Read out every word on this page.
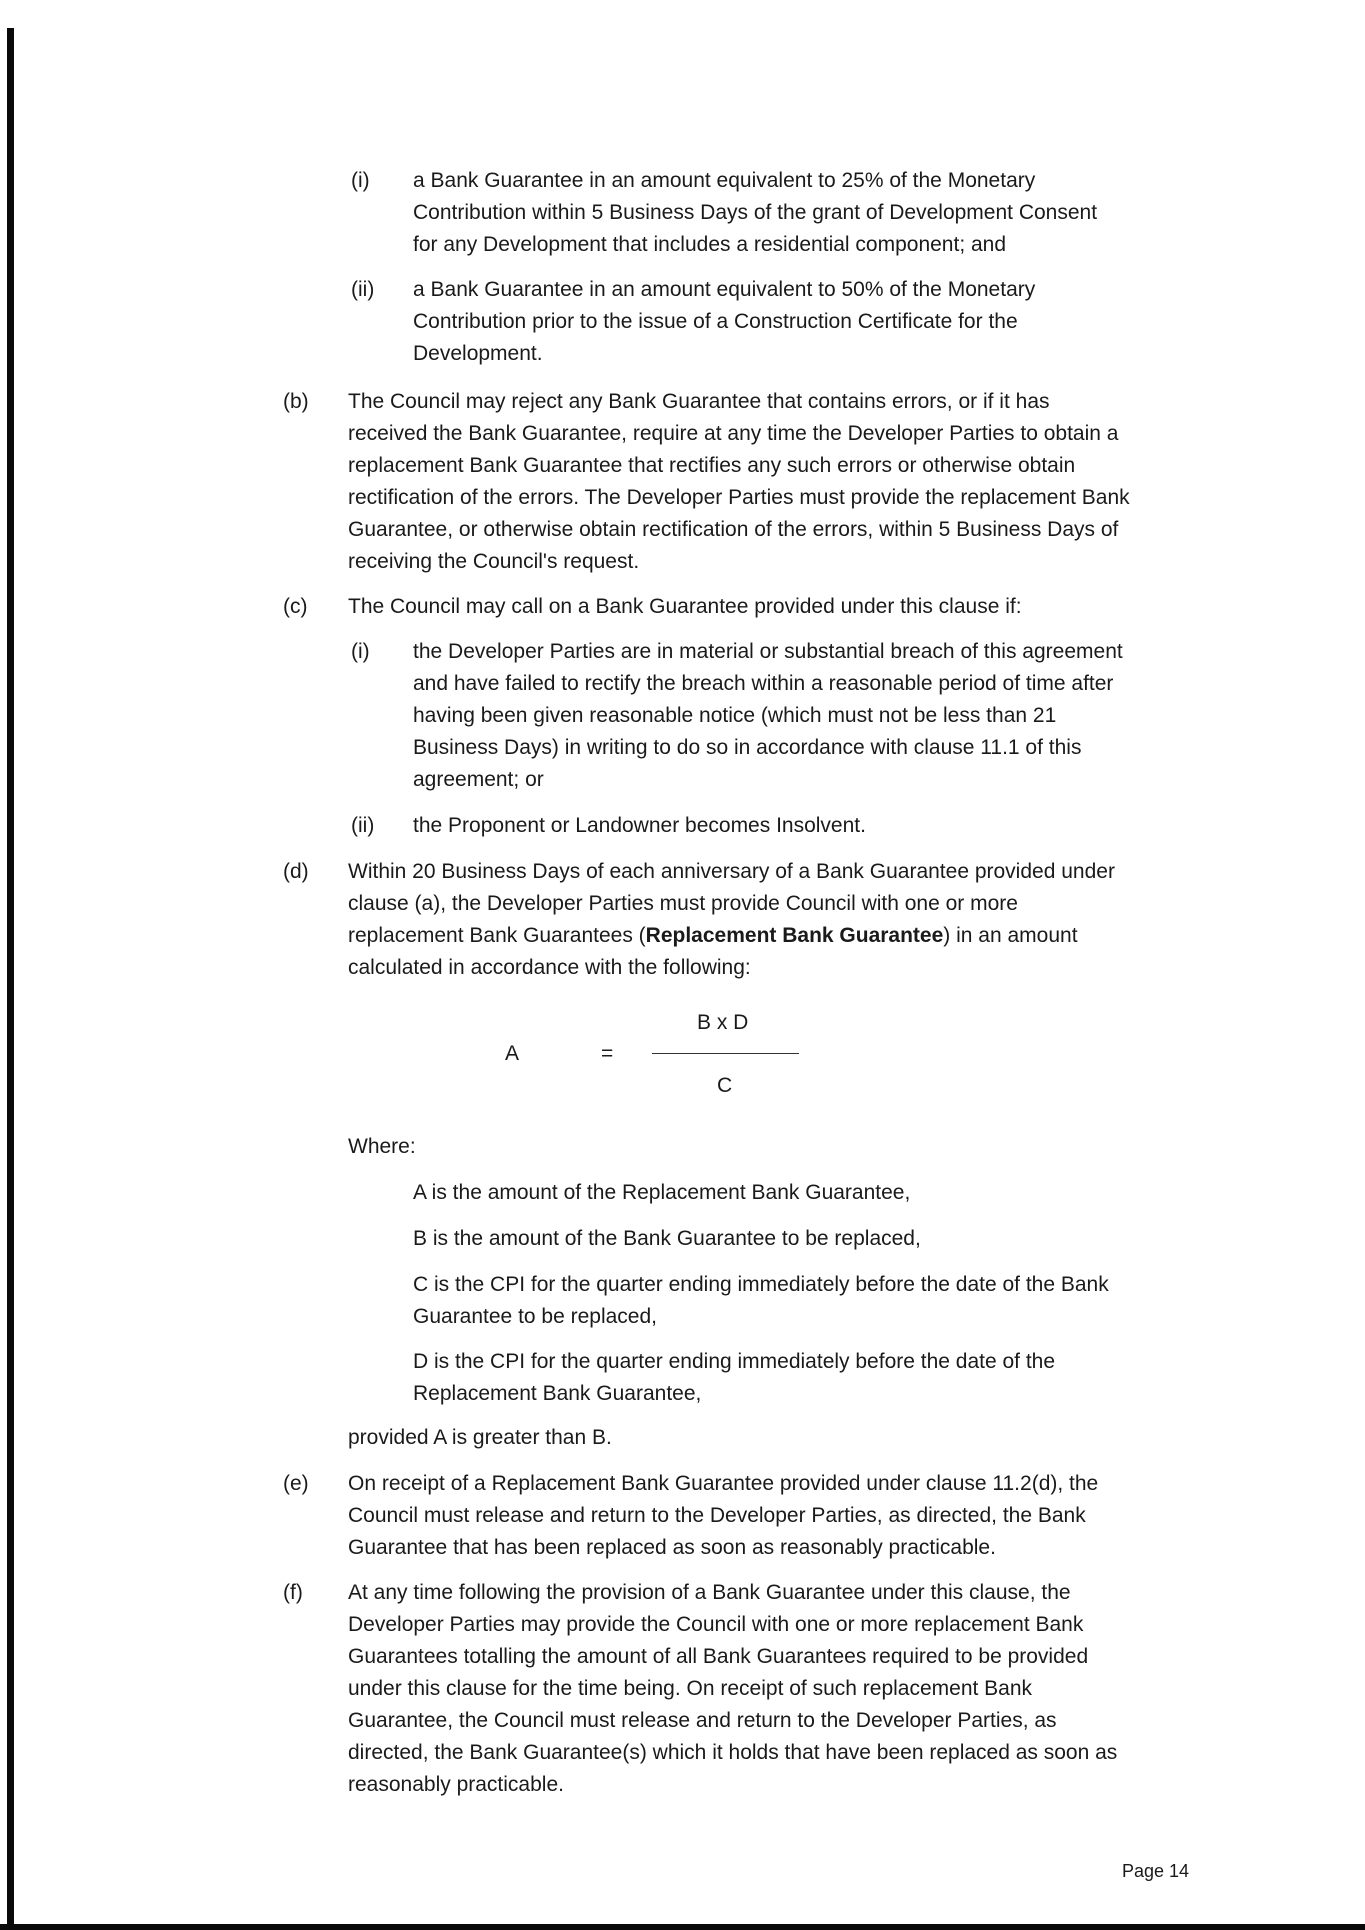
(i) a Bank Guarantee in an amount equivalent to 25% of the Monetary
Contribution within 5 Business Days of the grant of Development Consent
for any Development that includes a residential component; and
(ii) a Bank Guarantee in an amount equivalent to 50% of the Monetary
Contribution prior to the issue of a Construction Certificate for the
Development.
(b) The Council may reject any Bank Guarantee that contains errors, or if it has
received the Bank Guarantee, require at any time the Developer Parties to obtain a
replacement Bank Guarantee that rectifies any such errors or otherwise obtain
rectification of the errors. The Developer Parties must provide the replacement Bank
Guarantee, or otherwise obtain rectification of the errors, within 5 Business Days of
receiving the Council's request.
(c) The Council may call on a Bank Guarantee provided under this clause if:
(i) the Developer Parties are in material or substantial breach of this agreement
and have failed to rectify the breach within a reasonable period of time after
having been given reasonable notice (which must not be less than 21
Business Days) in writing to do so in accordance with clause 11.1 of this
agreement; or
(ii) the Proponent or Landowner becomes Insolvent.
(d) Within 20 Business Days of each anniversary of a Bank Guarantee provided under
clause (a), the Developer Parties must provide Council with one or more
replacement Bank Guarantees (Replacement Bank Guarantee) in an amount
calculated in accordance with the following:
A	=
B x D
C
Where:
A is the amount of the Replacement Bank Guarantee,
B is the amount of the Bank Guarantee to be replaced,
C is the CPI for the quarter ending immediately before the date of the Bank
Guarantee to be replaced,
D is the CPI for the quarter ending immediately before the date of the
Replacement Bank Guarantee,
provided A is greater than B.
(e) On receipt of a Replacement Bank Guarantee provided under clause 11.2(d), the
Council must release and return to the Developer Parties, as directed, the Bank
Guarantee that has been replaced as soon as reasonably practicable.
(f) At any time following the provision of a Bank Guarantee under this clause, the
Developer Parties may provide the Council with one or more replacement Bank
Guarantees totalling the amount of all Bank Guarantees required to be provided
under this clause for the time being. On receipt of such replacement Bank
Guarantee, the Council must release and return to the Developer Parties, as
directed, the Bank Guarantee(s) which it holds that have been replaced as soon as
reasonably practicable.
Page 14
